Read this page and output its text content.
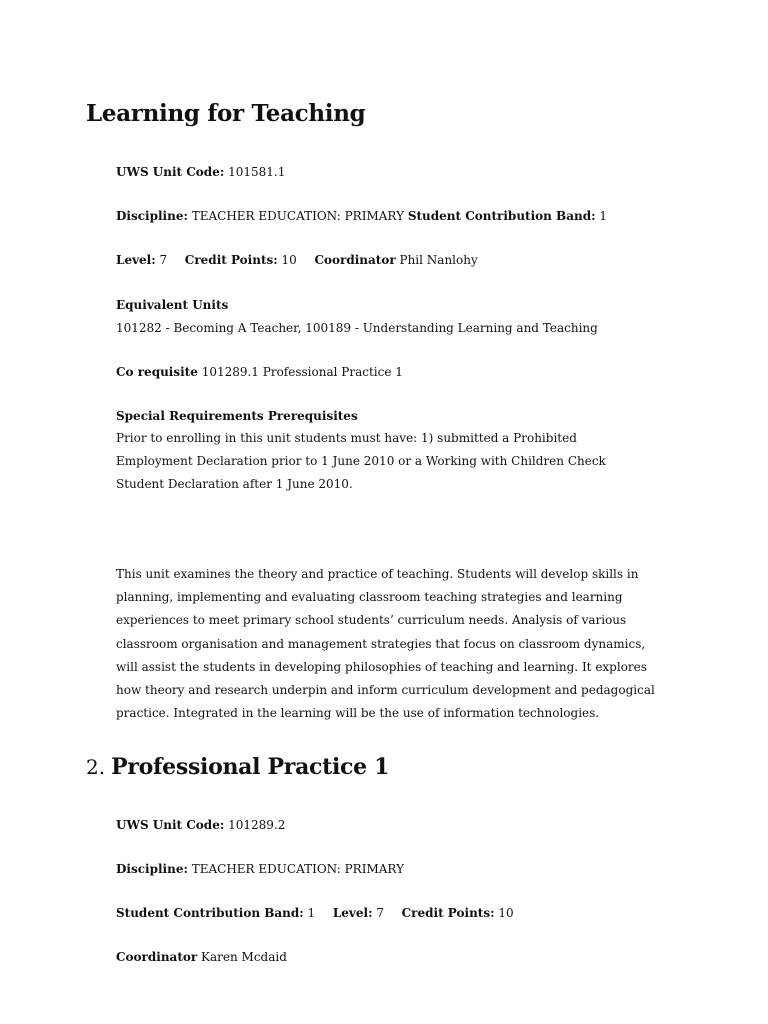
Learning for Teaching
UWS Unit Code: 101581.1
Discipline: TEACHER EDUCATION: PRIMARY Student Contribution Band: 1
Level: 7 Credit Points: 10 Coordinator Phil Nanlohy
Equivalent Units
101282 - Becoming A Teacher, 100189 - Understanding Learning and Teaching
Co requisite 101289.1 Professional Practice 1
Special Requirements Prerequisites
Prior to enrolling in this unit students must have: 1) submitted a Prohibited Employment Declaration prior to 1 June 2010 or a Working with Children Check Student Declaration after 1 June 2010.
This unit examines the theory and practice of teaching. Students will develop skills in planning, implementing and evaluating classroom teaching strategies and learning experiences to meet primary school students’ curriculum needs. Analysis of various classroom organisation and management strategies that focus on classroom dynamics, will assist the students in developing philosophies of teaching and learning. It explores how theory and research underpin and inform curriculum development and pedagogical practice. Integrated in the learning will be the use of information technologies.
2. Professional Practice 1
UWS Unit Code: 101289.2
Discipline: TEACHER EDUCATION: PRIMARY
Student Contribution Band: 1 Level: 7 Credit Points: 10
Coordinator Karen Mcdaid
